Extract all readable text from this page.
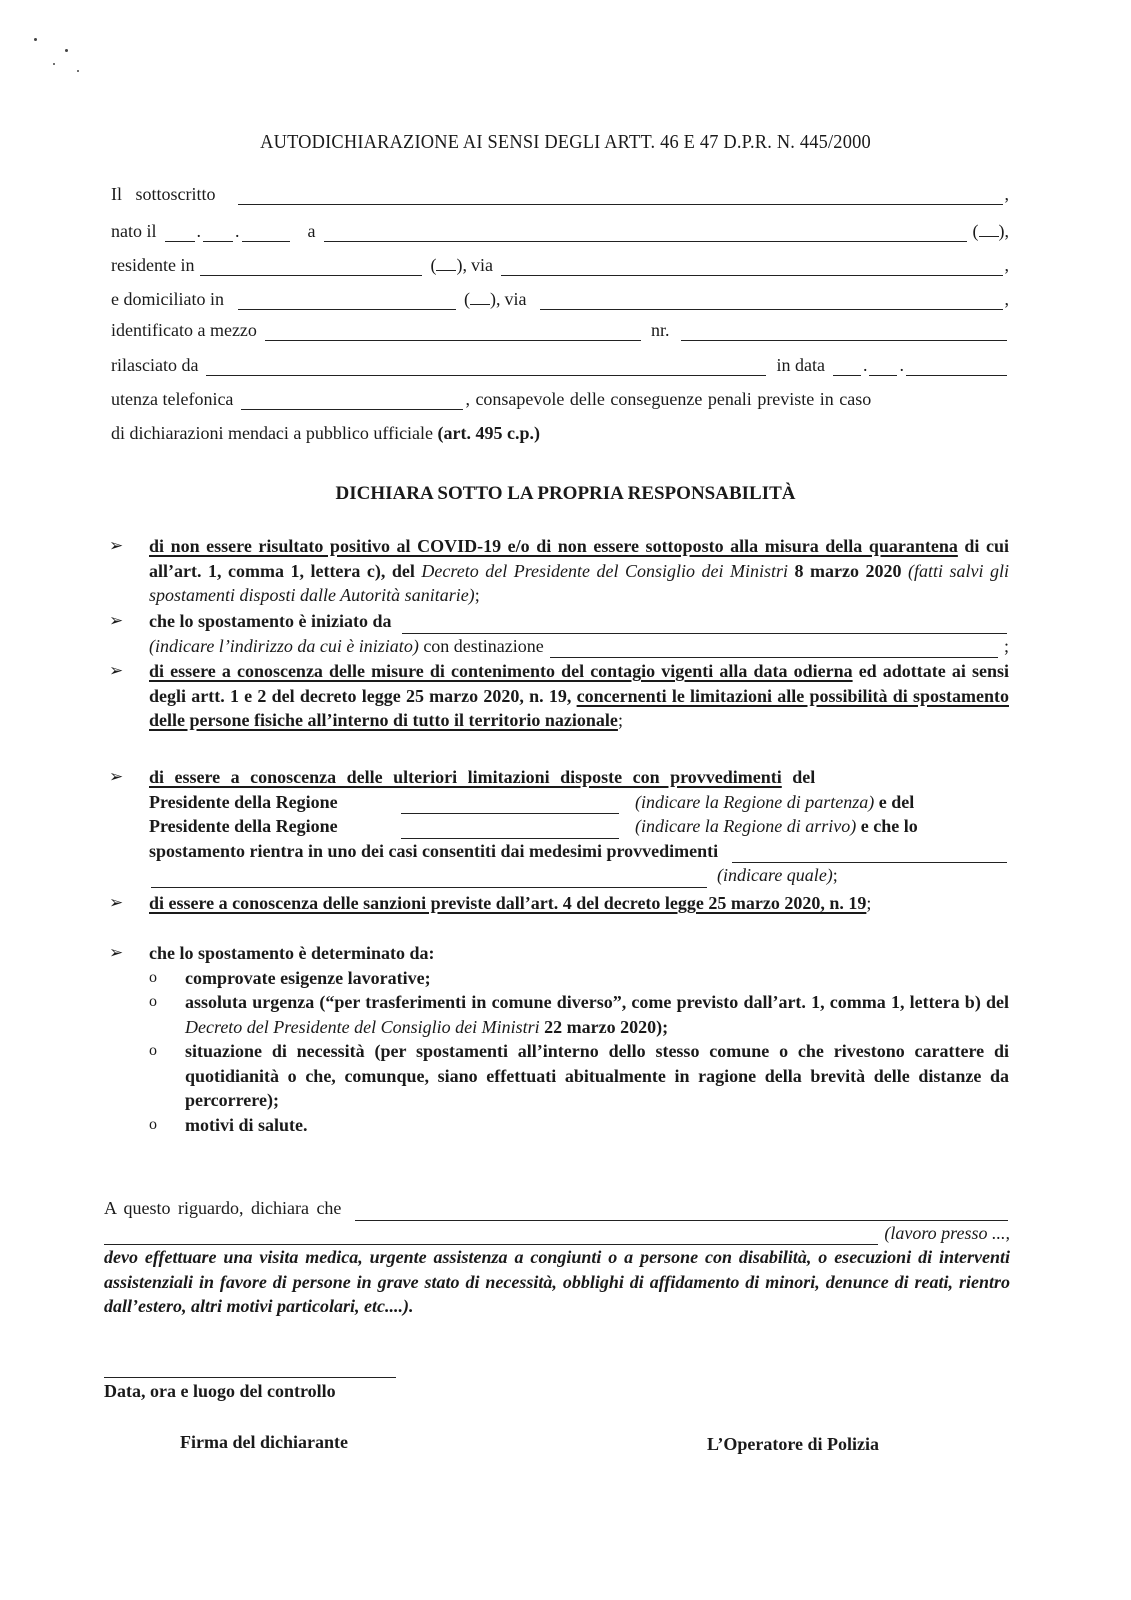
AUTODICHIARAZIONE AI SENSI DEGLI ARTT. 46 E 47 D.P.R. N. 445/2000
Il   sottoscritto	,
nato il . .	a	( ),
residente in	( ), via	,
e domiciliato in	( ), via	,
identificato a mezzo	nr.
rilasciato da	in data . .
utenza telefonica	, consapevole delle conseguenze penali previste in caso
di dichiarazioni mendaci a pubblico ufficiale (art. 495 c.p.)
DICHIARA SOTTO LA PROPRIA RESPONSABILITÀ
➢ di non essere risultato positivo al COVID-19 e/o di non essere sottoposto alla misura della quarantena di cui all’art. 1, comma 1, lettera c), del Decreto del Presidente del Consiglio dei Ministri 8 marzo 2020 (fatti salvi gli spostamenti disposti dalle Autorità sanitarie);
➢ che lo spostamento è iniziato da
(indicare l’indirizzo da cui è iniziato) con destinazione	;
➢ di essere a conoscenza delle misure di contenimento del contagio vigenti alla data odierna ed adottate ai sensi degli artt. 1 e 2 del decreto legge 25 marzo 2020, n. 19, concernenti le limitazioni alle possibilità di spostamento delle persone fisiche all’interno di tutto il territorio nazionale;
➢ di essere a conoscenza delle ulteriori limitazioni disposte con provvedimenti del
Presidente della Regione	(indicare la Regione di partenza) e del
Presidente della Regione	(indicare la Regione di arrivo) e che lo
spostamento rientra in uno dei casi consentiti dai medesimi provvedimenti
(indicare quale) ;
➢ di essere a conoscenza delle sanzioni previste dall’art. 4 del decreto legge 25 marzo 2020, n. 19;
➢ che lo spostamento è determinato da:
o comprovate esigenze lavorative;
o assoluta urgenza (“per trasferimenti in comune diverso”, come previsto dall’art. 1, comma 1, lettera b) del Decreto del Presidente del Consiglio dei Ministri 22 marzo 2020);
o situazione di necessità (per spostamenti all’interno dello stesso comune o che rivestono carattere di quotidianità o che, comunque, siano effettuati abitualmente in ragione della brevità delle distanze da percorrere);
o motivi di salute.
A questo riguardo, dichiara che
(lavoro presso ...,
devo effettuare una visita medica, urgente assistenza a congiunti o a persone con disabilità, o esecuzioni di interventi assistenziali in favore di persone in grave stato di necessità, obblighi di affidamento di minori, denunce di reati, rientro dall’estero, altri motivi particolari, etc....).
Data, ora e luogo del controllo
Firma del dichiarante	L’Operatore di Polizia
